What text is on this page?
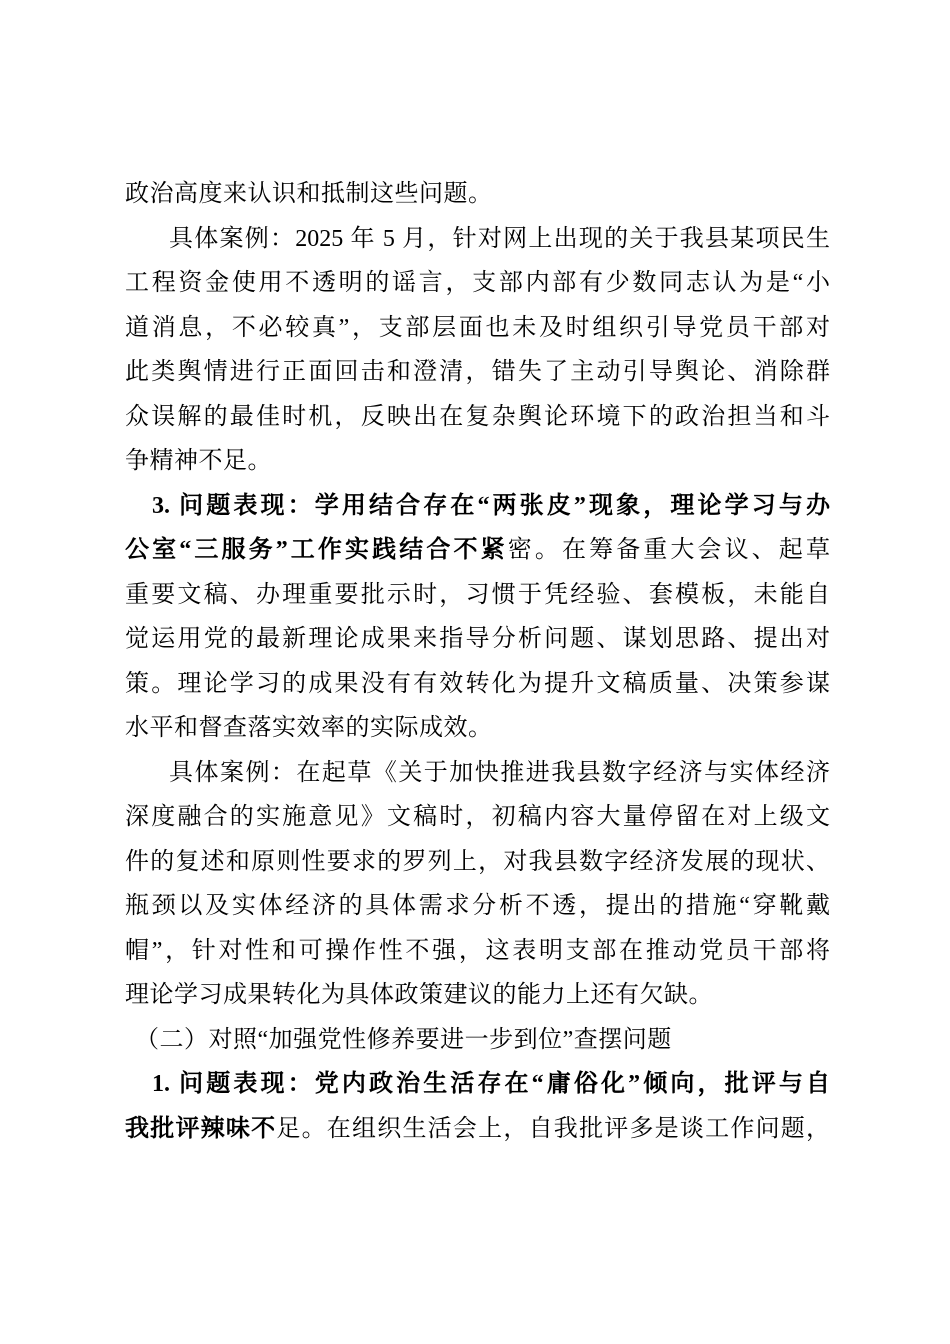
政治高度来认识和抵制这些问题。
具体案例：2025 年 5 月，针对网上出现的关于我县某项民生
工程资金使用不透明的谣言，支部内部有少数同志认为是“小
道消息，不必较真”，支部层面也未及时组织引导党员干部对
此类舆情进行正面回击和澄清，错失了主动引导舆论、消除群
众误解的最佳时机，反映出在复杂舆论环境下的政治担当和斗
争精神不足。
3. 问题表现：学用结合存在“两张皮”现象，理论学习与办
公室“三服务”工作实践结合不紧密。在筹备重大会议、起草
重要文稿、办理重要批示时，习惯于凭经验、套模板，未能自
觉运用党的最新理论成果来指导分析问题、谋划思路、提出对
策。理论学习的成果没有有效转化为提升文稿质量、决策参谋
水平和督查落实效率的实际成效。
具体案例：在起草《关于加快推进我县数字经济与实体经济
深度融合的实施意见》文稿时，初稿内容大量停留在对上级文
件的复述和原则性要求的罗列上，对我县数字经济发展的现状、
瓶颈以及实体经济的具体需求分析不透，提出的措施“穿靴戴
帽”，针对性和可操作性不强，这表明支部在推动党员干部将
理论学习成果转化为具体政策建议的能力上还有欠缺。
（二）对照“加强党性修养要进一步到位”查摆问题
1. 问题表现：党内政治生活存在“庸俗化”倾向，批评与自
我批评辣味不足。在组织生活会上，自我批评多是谈工作问题，
